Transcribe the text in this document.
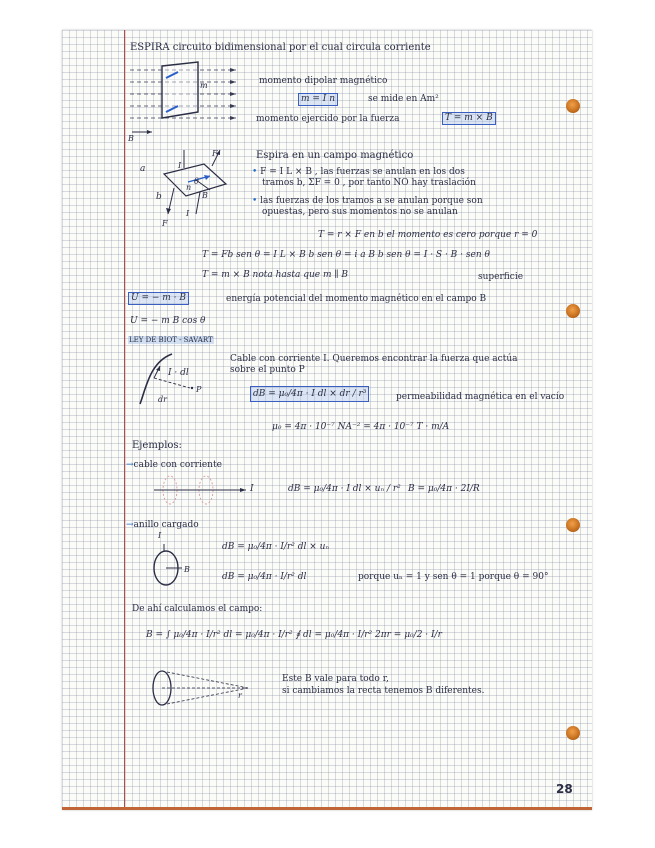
ESPIRA circuito bidimensional por el cual circula corriente
B
m	momento dipolar magnético
m = I n	se mide en Am²
momento ejercido por la fuerza	T = m × B
a
b
I
I
F
F
θ
B
n
Espira en un campo magnético
• F = I L × B , las fuerzas se anulan en los dos
tramos b, ΣF = 0 , por tanto NO hay traslación
• las fuerzas de los tramos a se anulan porque son
opuestas, pero sus momentos no se anulan
T = r × F en b el momento es cero porque r = 0
T = Fb sen θ = I L × B b sen θ = i a B b sen θ = I · S · B · sen θ
T = m × B nota hasta que m ∥ B	superficie
U = − m · B	energía potencial del momento magnético en el campo B
U = − m B cos θ
LEY DE BIOT - SAVART
I · dl
dr
P
Cable con corriente I. Queremos encontrar la fuerza que actúa
sobre el punto P
dB = μ₀/4π · I dl × dr / r³	permeabilidad magnética en el vacío
μ₀ = 4π · 10⁻⁷ NA⁻² = 4π · 10⁻⁷ T · m/A
Ejemplos:
→cable con corriente
I	dB = μ₀/4π · I dl × uₙ / r² B = μ₀/4π · 2I/R
→anillo cargado
I
B
dB = μ₀/4π · I/r² dl × uₙ
dB = μ₀/4π · I/r² dl	porque uₙ = 1 y sen θ = 1 porque θ = 90°
De ahí calculamos el campo:
B = ∫ μ₀/4π · I/r² dl = μ₀/4π · I/r² ∮ dl = μ₀/4π · I/r² 2πr = μ₀/2 · I/r
r
Este B vale para todo r,
si cambiamos la recta tenemos B diferentes.
28
